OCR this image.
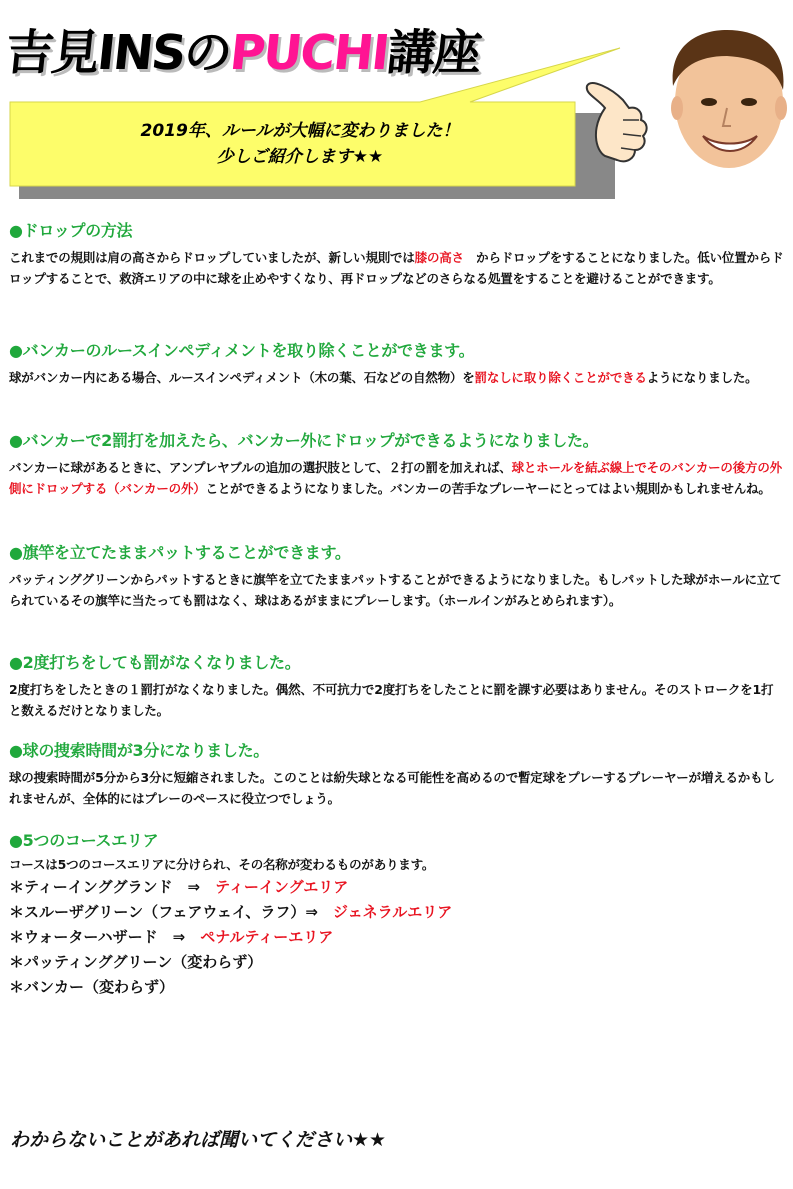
吉見INSのPUCHI講座
2019年、ルールが大幅に変わりました！
少しご紹介します★★
●ドロップの方法
これまでの規則は肩の高さからドロップしていましたが、新しい規則では膝の高さ　からドロップをすることになりました。低い位置からドロップすることで、救済エリアの中に球を止めやすくなり、再ドロップなどのさらなる処置をすることを避けることができます。
●バンカーのルースインペディメントを取り除くことができます。
球がバンカー内にある場合、ルースインペディメント（木の葉、石などの自然物）を罰なしに取り除くことができるようになりました。
●バンカーで2罰打を加えたら、バンカー外にドロップができるようになりました。
バンカーに球があるときに、アンプレヤブルの追加の選択肢として、２打の罰を加えれば、球とホールを結ぶ線上でそのバンカーの後方の外側にドロップする（バンカーの外）ことができるようになりました。バンカーの苦手なプレーヤーにとってはよい規則かもしれませんね。
●旗竿を立てたままパットすることができます。
パッティンググリーンからパットするときに旗竿を立てたままパットすることができるようになりました。もしパットした球がホールに立てられているその旗竿に当たっても罰はなく、球はあるがままにプレーします。（ホールインがみとめられます）。
●2度打ちをしても罰がなくなりました。
2度打ちをしたときの１罰打がなくなりました。偶然、不可抗力で2度打ちをしたことに罰を課す必要はありません。そのストロークを1打と数えるだけとなりました。
●球の捜索時間が3分になりました。
球の捜索時間が5分から3分に短縮されました。このことは紛失球となる可能性を高めるので暫定球をプレーするプレーヤーが増えるかもしれませんが、全体的にはプレーのペースに役立つでしょう。
●5つのコースエリア
コースは5つのコースエリアに分けられ、その名称が変わるものがあります。
＊ティーインググランド　⇒　ティーイングエリア
＊スルーザグリーン（フェアウェイ、ラフ）⇒　ジェネラルエリア
＊ウォーターハザード　⇒　ペナルティーエリア
＊パッティンググリーン（変わらず）
＊バンカー（変わらず）
わからないことがあれば聞いてください★★
